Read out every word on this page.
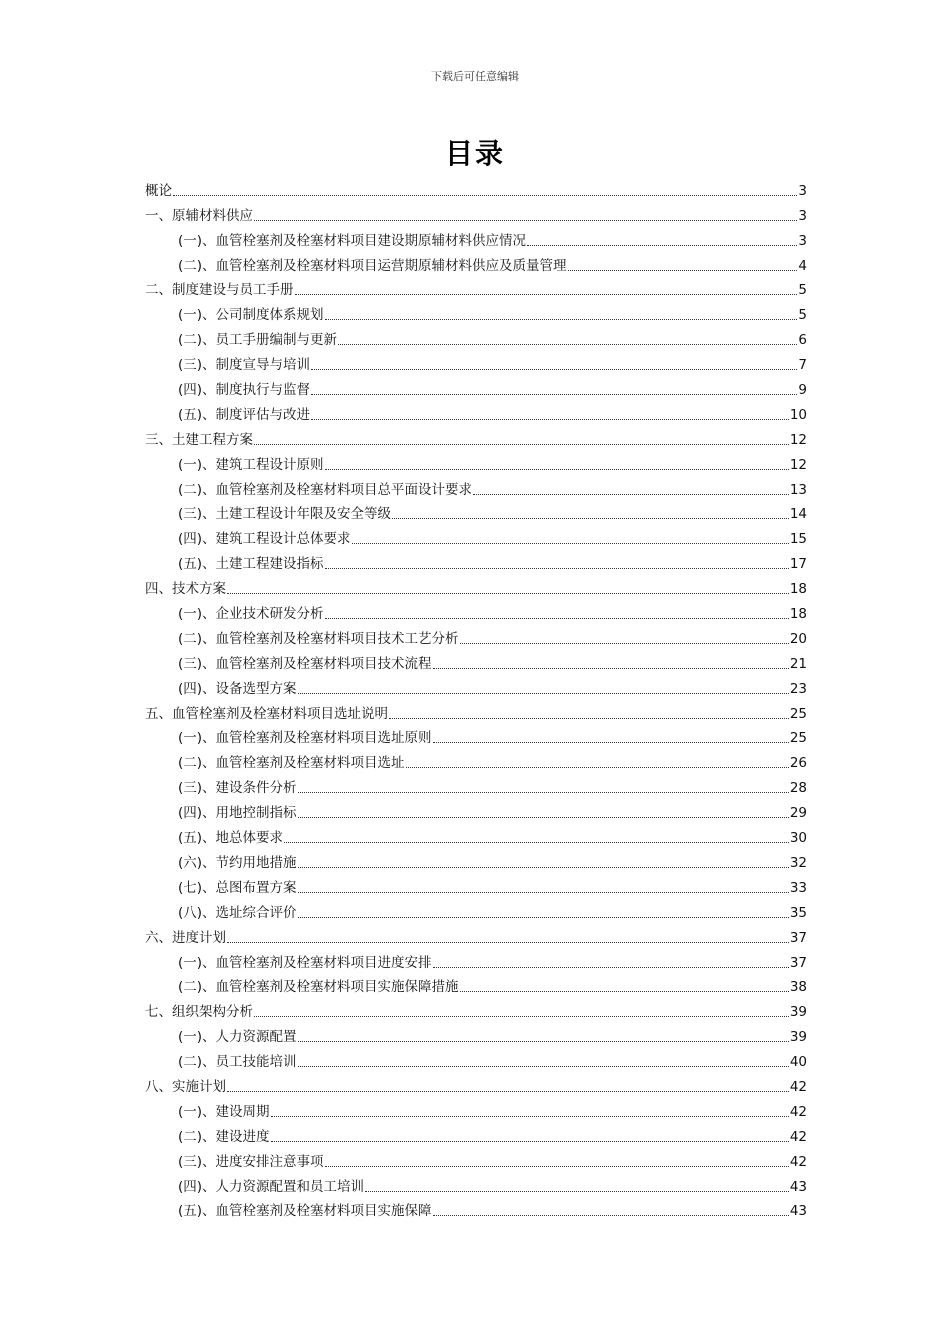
下载后可任意编辑
目录
概论	3
一、原辅材料供应	3
(一)、血管栓塞剂及栓塞材料项目建设期原辅材料供应情况	3
(二)、血管栓塞剂及栓塞材料项目运营期原辅材料供应及质量管理	4
二、制度建设与员工手册	5
(一)、公司制度体系规划	5
(二)、员工手册编制与更新	6
(三)、制度宣导与培训	7
(四)、制度执行与监督	9
(五)、制度评估与改进	10
三、土建工程方案	12
(一)、建筑工程设计原则	12
(二)、血管栓塞剂及栓塞材料项目总平面设计要求	13
(三)、土建工程设计年限及安全等级	14
(四)、建筑工程设计总体要求	15
(五)、土建工程建设指标	17
四、技术方案	18
(一)、企业技术研发分析	18
(二)、血管栓塞剂及栓塞材料项目技术工艺分析	20
(三)、血管栓塞剂及栓塞材料项目技术流程	21
(四)、设备选型方案	23
五、血管栓塞剂及栓塞材料项目选址说明	25
(一)、血管栓塞剂及栓塞材料项目选址原则	25
(二)、血管栓塞剂及栓塞材料项目选址	26
(三)、建设条件分析	28
(四)、用地控制指标	29
(五)、地总体要求	30
(六)、节约用地措施	32
(七)、总图布置方案	33
(八)、选址综合评价	35
六、进度计划	37
(一)、血管栓塞剂及栓塞材料项目进度安排	37
(二)、血管栓塞剂及栓塞材料项目实施保障措施	38
七、组织架构分析	39
(一)、人力资源配置	39
(二)、员工技能培训	40
八、实施计划	42
(一)、建设周期	42
(二)、建设进度	42
(三)、进度安排注意事项	42
(四)、人力资源配置和员工培训	43
(五)、血管栓塞剂及栓塞材料项目实施保障	43
